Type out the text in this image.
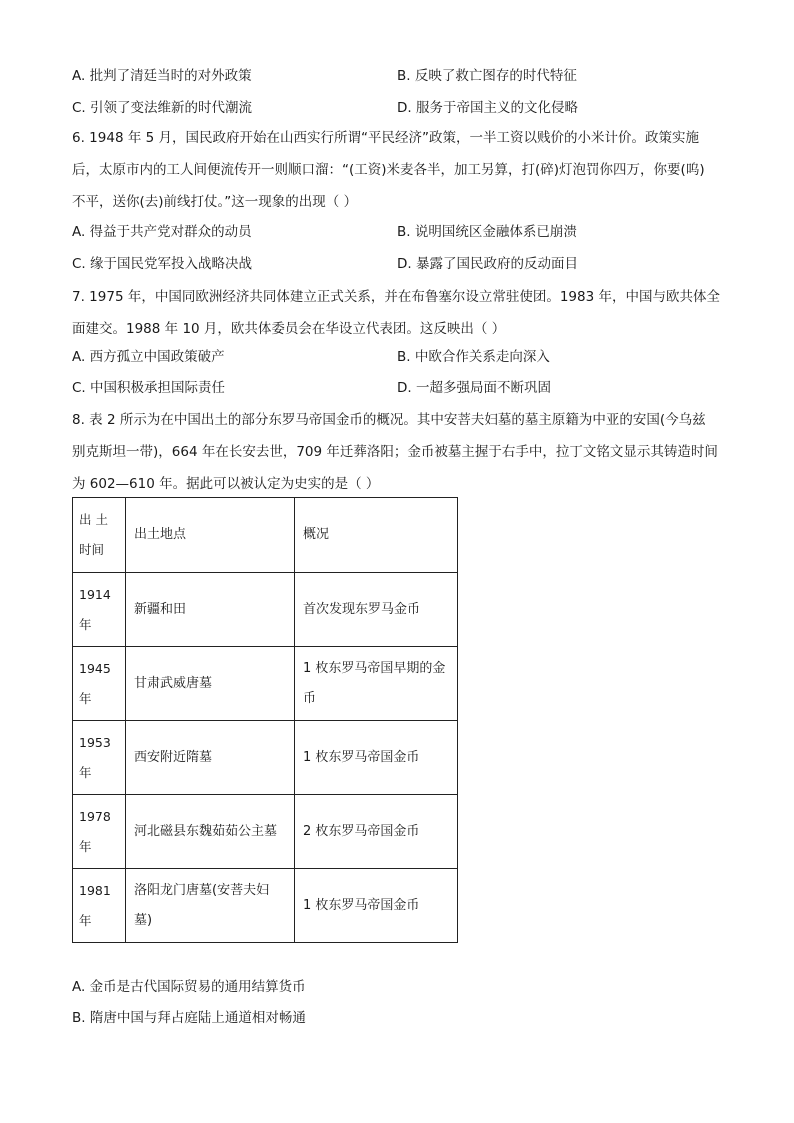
A. 批判了清廷当时的对外政策	B. 反映了救亡图存的时代特征
C. 引领了变法维新的时代潮流	D. 服务于帝国主义的文化侵略
6. 1948 年 5 月，国民政府开始在山西实行所谓“平民经济”政策，一半工资以贱价的小米计价。政策实施
后，太原市内的工人间便流传开一则顺口溜：“(工资)米麦各半，加工另算，打(碎)灯泡罚你四万，你要(呜)
不平，送你(去)前线打仗。”这一现象的出现（ ）
A. 得益于共产党对群众的动员	B. 说明国统区金融体系已崩溃
C. 缘于国民党军投入战略决战	D. 暴露了国民政府的反动面目
7. 1975 年，中国同欧洲经济共同体建立正式关系，并在布鲁塞尔设立常驻使团。1983 年，中国与欧共体全
面建交。1988 年 10 月，欧共体委员会在华设立代表团。这反映出（ ）
A. 西方孤立中国政策破产	B. 中欧合作关系走向深入
C. 中国积极承担国际责任	D. 一超多强局面不断巩固
8. 表 2 所示为在中国出土的部分东罗马帝国金币的概况。其中安菩夫妇墓的墓主原籍为中亚的安国(今乌兹
别克斯坦一带)，664 年在长安去世，709 年迁葬洛阳；金币被墓主握于右手中，拉丁文铭文显示其铸造时间
为 602—610 年。据此可以被认定为史实的是（ ）
出 土时间	出土地点	概况
1914 年	新疆和田	首次发现东罗马金币
1945 年	甘肃武威唐墓	1 枚东罗马帝国早期的金币
1953 年	西安附近隋墓	1 枚东罗马帝国金币
1978 年	河北磁县东魏茹茹公主墓	2 枚东罗马帝国金币
1981 年	洛阳龙门唐墓(安菩夫妇墓)	1 枚东罗马帝国金币
A. 金币是古代国际贸易的通用结算货币
B. 隋唐中国与拜占庭陆上通道相对畅通
